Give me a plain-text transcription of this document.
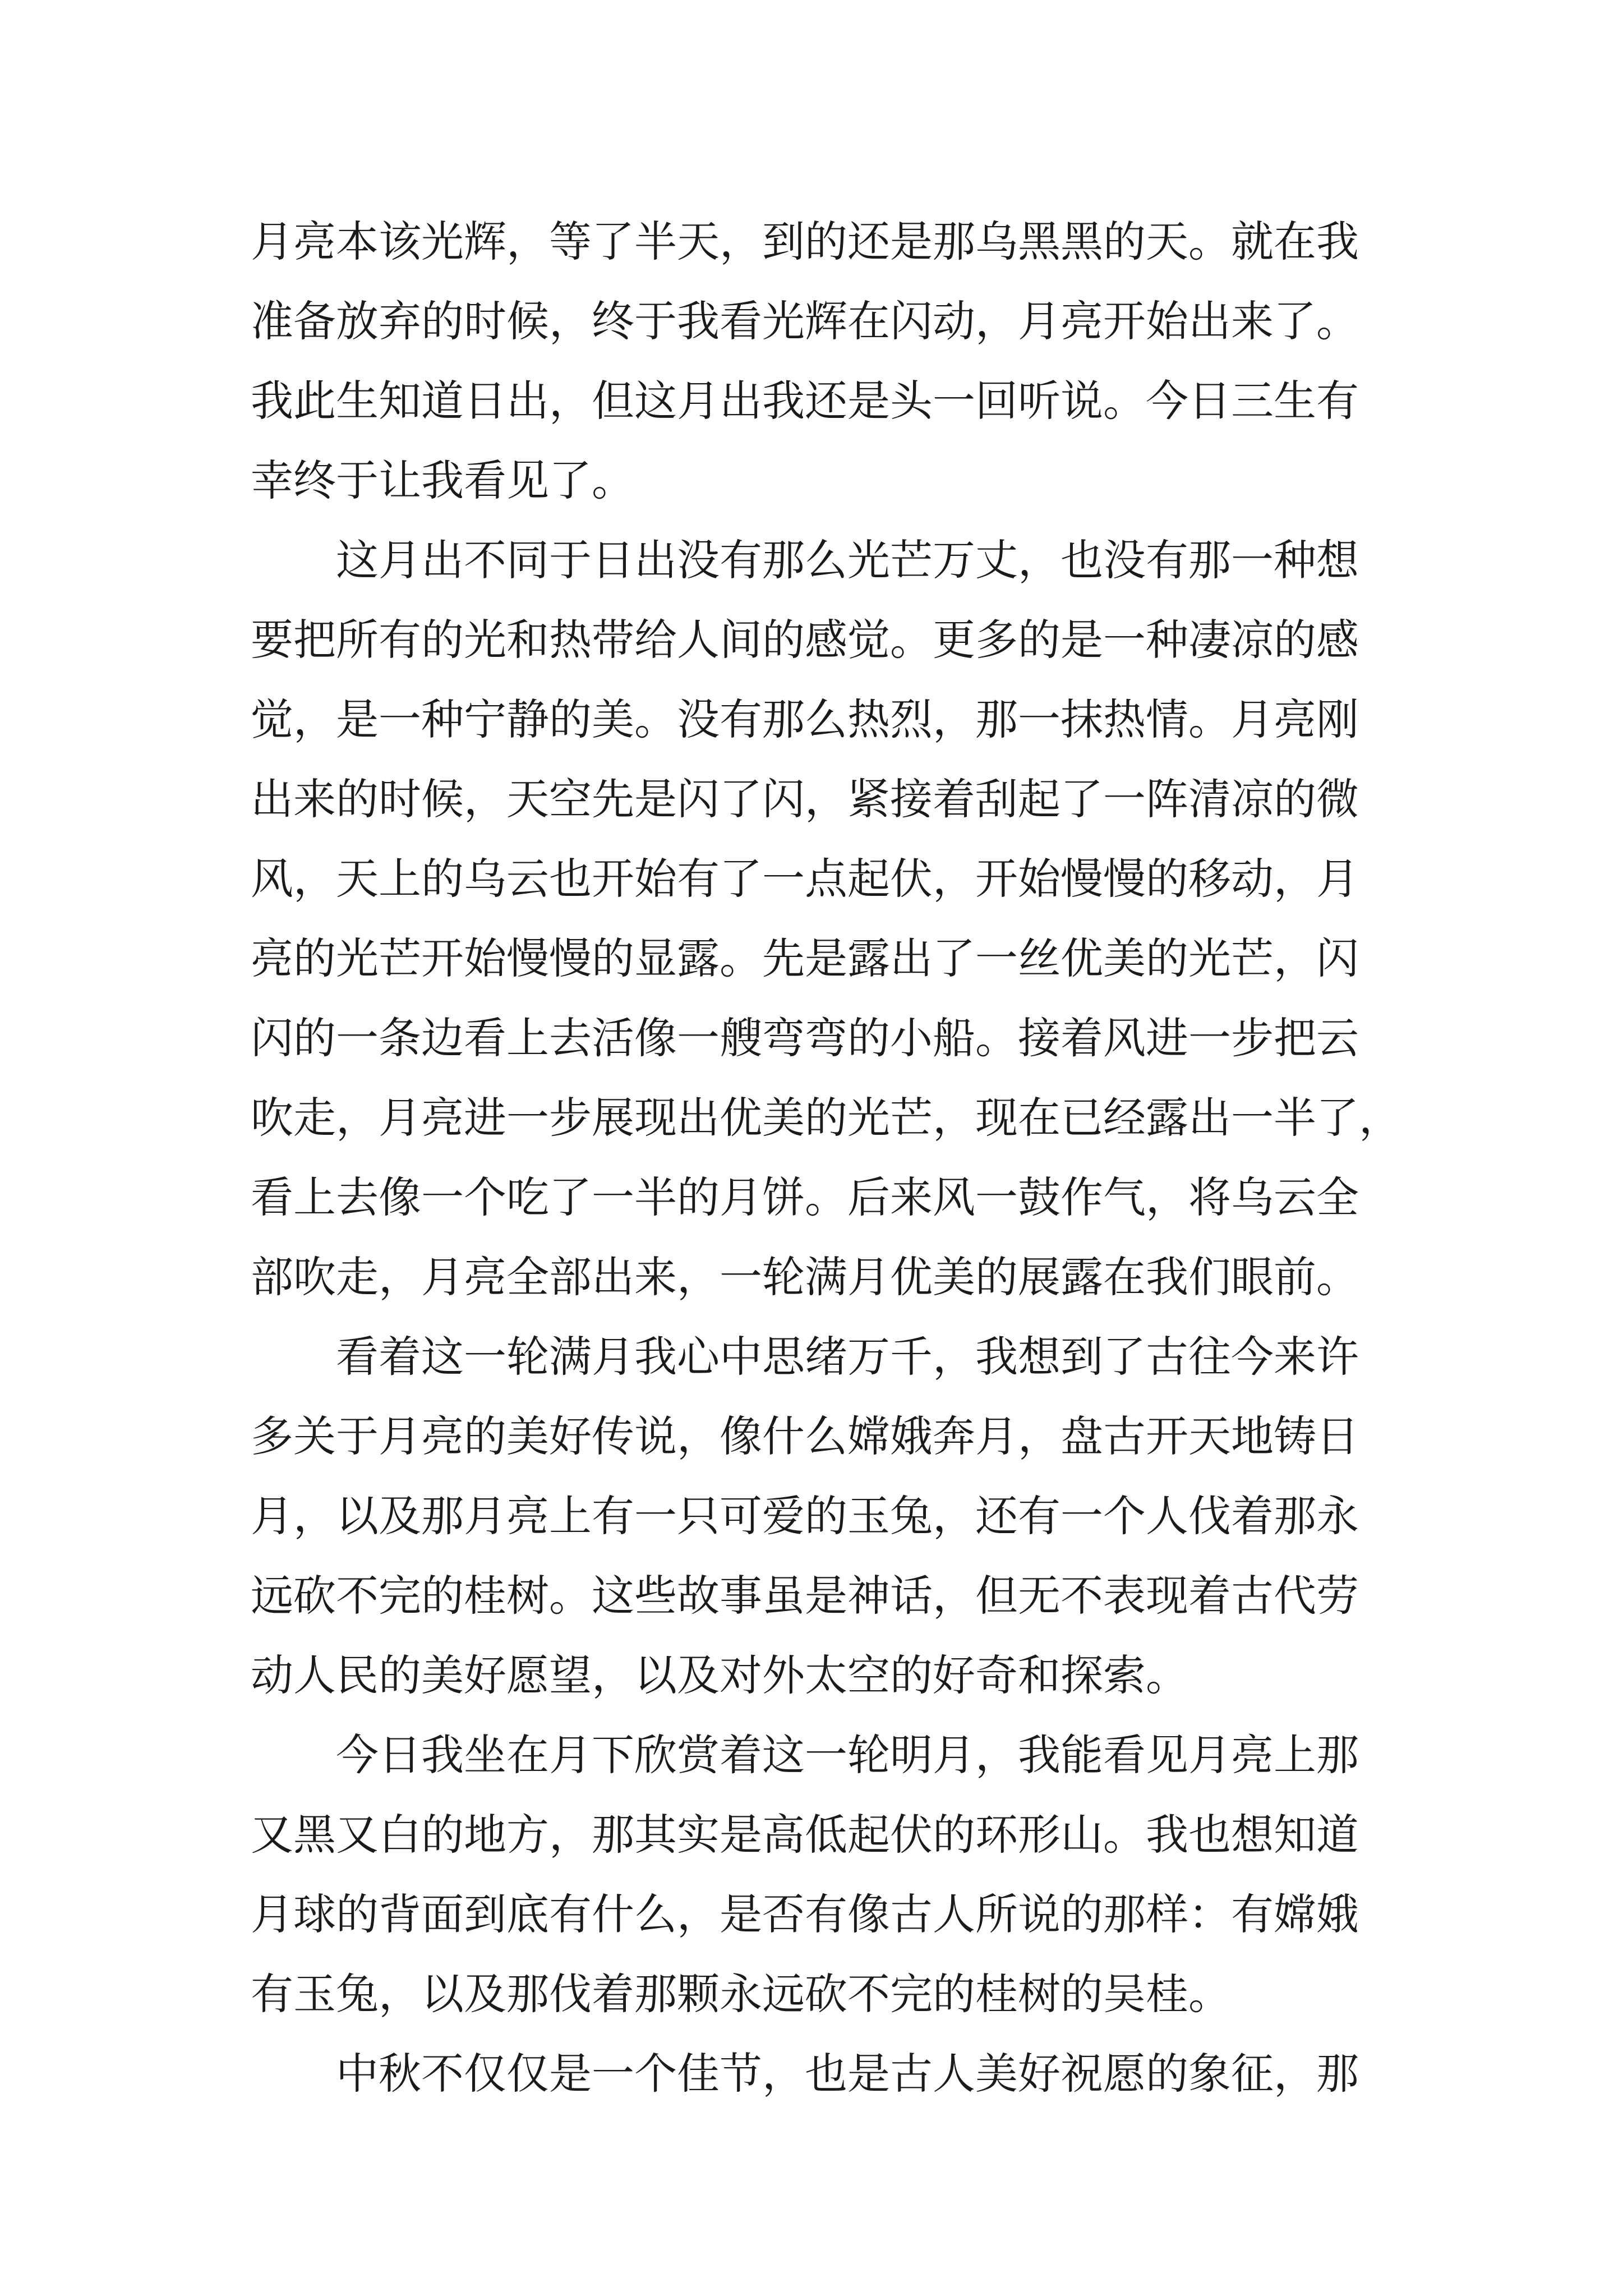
月亮本该光辉，等了半天，到的还是那乌黑黑的天。就在我
准备放弃的时候，终于我看光辉在闪动，月亮开始出来了。
我此生知道日出，但这月出我还是头一回听说。今日三生有
幸终于让我看见了。
这月出不同于日出没有那么光芒万丈，也没有那一种想
要把所有的光和热带给人间的感觉。更多的是一种凄凉的感
觉，是一种宁静的美。没有那么热烈，那一抹热情。月亮刚
出来的时候，天空先是闪了闪，紧接着刮起了一阵清凉的微
风，天上的乌云也开始有了一点起伏，开始慢慢的移动，月
亮的光芒开始慢慢的显露。先是露出了一丝优美的光芒，闪
闪的一条边看上去活像一艘弯弯的小船。接着风进一步把云
吹走，月亮进一步展现出优美的光芒，现在已经露出一半了，
看上去像一个吃了一半的月饼。后来风一鼓作气，将乌云全
部吹走，月亮全部出来，一轮满月优美的展露在我们眼前。
看着这一轮满月我心中思绪万千，我想到了古往今来许
多关于月亮的美好传说，像什么嫦娥奔月，盘古开天地铸日
月，以及那月亮上有一只可爱的玉兔，还有一个人伐着那永
远砍不完的桂树。这些故事虽是神话，但无不表现着古代劳
动人民的美好愿望，以及对外太空的好奇和探索。
今日我坐在月下欣赏着这一轮明月，我能看见月亮上那
又黑又白的地方，那其实是高低起伏的环形山。我也想知道
月球的背面到底有什么，是否有像古人所说的那样：有嫦娥
有玉兔，以及那伐着那颗永远砍不完的桂树的吴桂。
中秋不仅仅是一个佳节，也是古人美好祝愿的象征，那
